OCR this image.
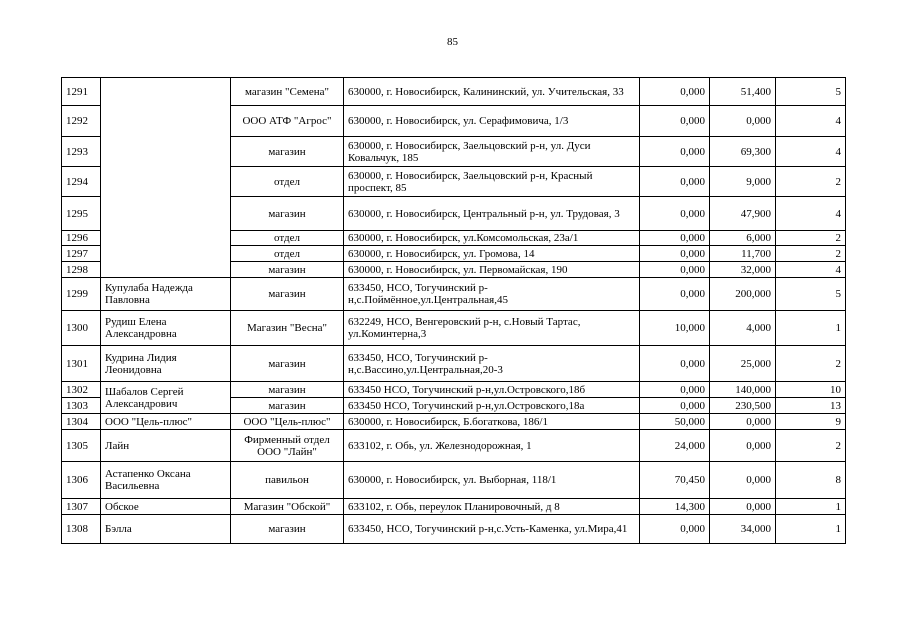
85
1291		магазин "Семена"	630000, г. Новосибирск, Калининский, ул. Учительская, 33	0,000	51,400	5
1292		ООО АТФ "Агрос"	630000, г. Новосибирск, ул. Серафимовича, 1/3	0,000	0,000	4
1293		магазин	630000, г. Новосибирск, Заельцовский р-н, ул. Дуси Ковальчук, 185	0,000	69,300	4
1294		отдел	630000, г. Новосибирск, Заельцовский р-н, Красный проспект, 85	0,000	9,000	2
1295		магазин	630000, г. Новосибирск, Центральный р-н, ул. Трудовая, 3	0,000	47,900	4
1296		отдел	630000, г. Новосибирск, ул.Комсомольская, 23а/1	0,000	6,000	2
1297		отдел	630000, г. Новосибирск, ул. Громова, 14	0,000	11,700	2
1298		магазин	630000, г. Новосибирск, ул. Первомайская, 190	0,000	32,000	4
1299	Купулаба Надежда Павловна	магазин	633450, НСО, Тогучинский р-н,с.Поймённое,ул.Центральная,45	0,000	200,000	5
1300	Рудиш Елена Александровна	Магазин "Весна"	632249, НСО, Венгеровский р-н, с.Новый Тартас, ул.Коминтерна,3	10,000	4,000	1
1301	Кудрина Лидия Леонидовна	магазин	633450, НСО, Тогучинский р-н,с.Вассино,ул.Центральная,20-3	0,000	25,000	2
1302	Шабалов Сергей Александрович	магазин	633450 НСО, Тогучинский р-н,ул.Островского,18б	0,000	140,000	10
1303		магазин	633450 НСО, Тогучинский р-н,ул.Островского,18а	0,000	230,500	13
1304	ООО "Цель-плюс"	ООО "Цель-плюс"	630000, г. Новосибирск, Б.богаткова, 186/1	50,000	0,000	9
1305	Лайн	Фирменный отдел ООО "Лайн"	633102, г. Обь, ул. Железнодорожная, 1	24,000	0,000	2
1306	Астапенко Оксана Васильевна	павильон	630000, г. Новосибирск, ул. Выборная, 118/1	70,450	0,000	8
1307	Обское	Магазин "Обской"	633102, г. Обь, переулок Планировочный, д 8	14,300	0,000	1
1308	Бэлла	магазин	633450, НСО, Тогучинский р-н,с.Усть-Каменка, ул.Мира,41	0,000	34,000	1
